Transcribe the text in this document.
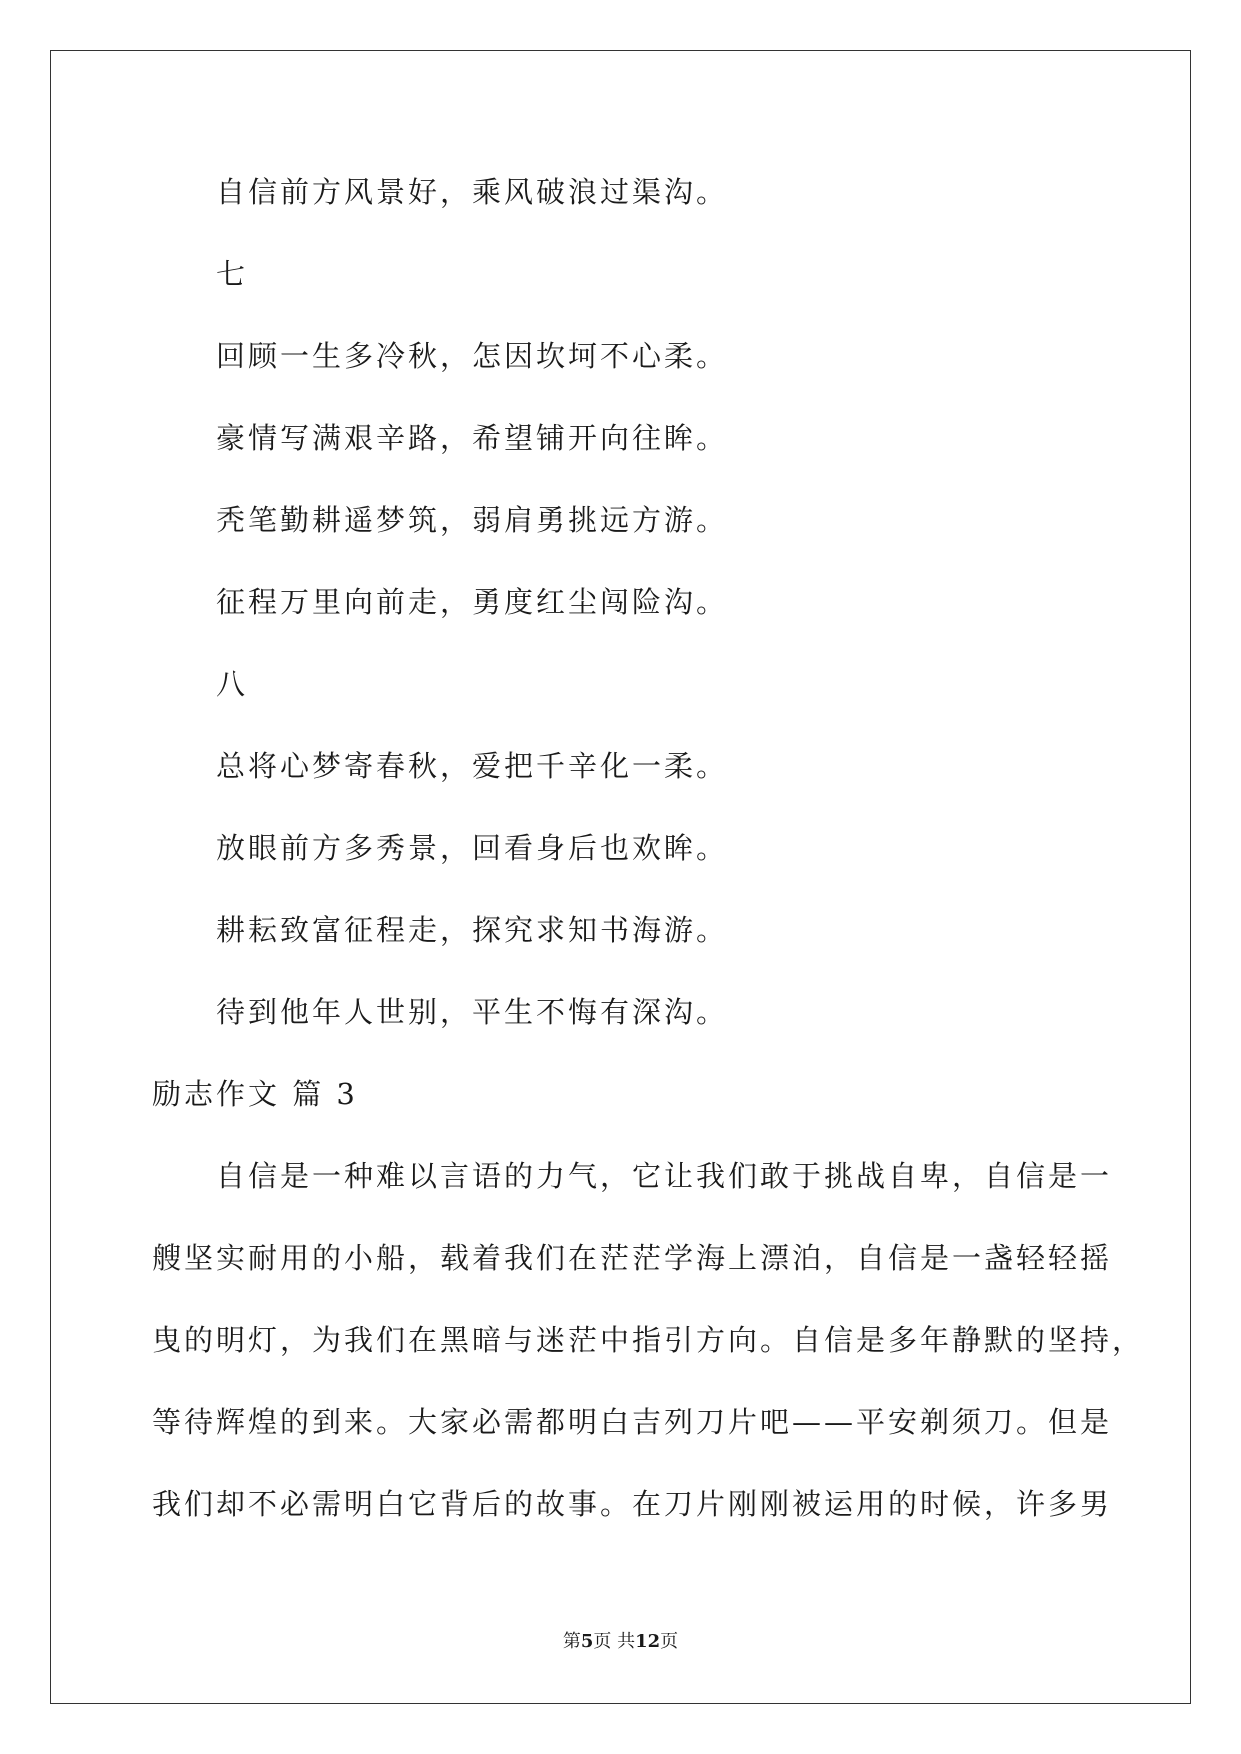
自信前方风景好，乘风破浪过渠沟。
七
回顾一生多冷秋，怎因坎坷不心柔。
豪情写满艰辛路，希望铺开向往眸。
秃笔勤耕遥梦筑，弱肩勇挑远方游。
征程万里向前走，勇度红尘闯险沟。
八
总将心梦寄春秋，爱把千辛化一柔。
放眼前方多秀景，回看身后也欢眸。
耕耘致富征程走，探究求知书海游。
待到他年人世别，平生不悔有深沟。
励志作文 篇 3
自信是一种难以言语的力气，它让我们敢于挑战自卑，自信是一
艘坚实耐用的小船，载着我们在茫茫学海上漂泊，自信是一盏轻轻摇
曳的明灯，为我们在黑暗与迷茫中指引方向。自信是多年静默的坚持，
等待辉煌的到来。大家必需都明白吉列刀片吧——平安剃须刀。但是
我们却不必需明白它背后的故事。在刀片刚刚被运用的时候，许多男
第5页 共12页
